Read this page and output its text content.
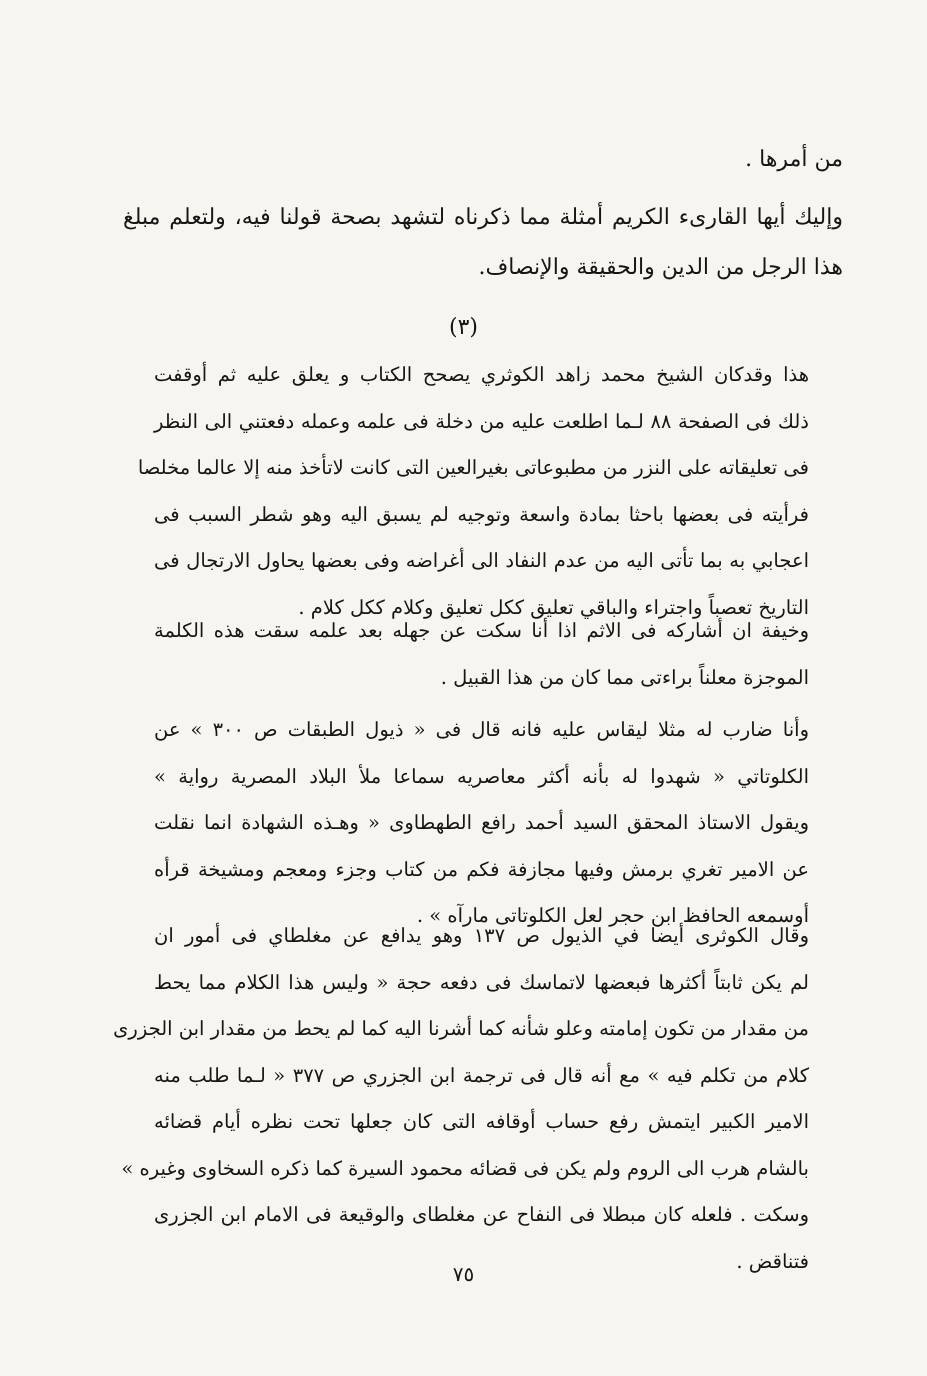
من أمرها .
وإليك أيها القارىء الكريم أمثلة مما ذكرناه لتشهد بصحة قولنا فيه، ولتعلم مبلغ
هذا الرجل من الدين والحقيقة والإنصاف.
(٣)
هذا وقدكان الشيخ محمد زاهد الكوثري يصحح الكتاب و يعلق عليه ثم أوقفت
ذلك فى الصفحة ٨٨ لـما اطلعت عليه من دخلة فى علمه وعمله دفعتني الى النظر
فى تعليقاته على النزر من مطبوعاتى بغيرالعين التى كانت لاتأخذ منه إلا عالما مخلصا
فرأيته فى بعضها باحثا بمادة واسعة وتوجيه لم يسبق اليه وهو شطر السبب فى
اعجابي به بما تأتى اليه من عدم النفاد الى أغراضه وفى بعضها يحاول الارتجال فى
التاريخ تعصباً واجتراء والباقي تعليق ككل تعليق وكلام ككل كلام .
وخيفة ان أشاركه فى الاثم اذا أنا سكت عن جهله بعد علمه سقت هذه الكلمة
الموجزة معلناً براءتى مما كان من هذا القبيل .
وأنا ضارب له مثلا ليقاس عليه فانه قال فى « ذيول الطبقات ص ٣٠٠ » عن
الكلوتاتي « شهدوا له بأنه أكثر معاصريه سماعا ملأ البلاد المصرية رواية »
ويقول الاستاذ المحقق السيد أحمد رافع الطهطاوى « وهـذه الشهادة انما نقلت
عن الامير تغري برمش وفيها مجازفة فكم من كتاب وجزء ومعجم ومشيخة قرأه
أوسمعه الحافظ ابن حجر لعل الكلوتاتى مارآه » .
وقال الكوثرى أيضا في الذيول ص ١٣٧ وهو يدافع عن مغلطاي فى أمور ان
لم يكن ثابتاً أكثرها فبعضها لاتماسك فى دفعه حجة « وليس هذا الكلام مما يحط
من مقدار من تكون إمامته وعلو شأنه كما أشرنا اليه كما لم يحط من مقدار ابن الجزرى
كلام من تكلم فيه » مع أنه قال فى ترجمة ابن الجزري ص ٣٧٧ « لـما طلب منه
الامير الكبير ايتمش رفع حساب أوقافه التى كان جعلها تحت نظره أيام قضائه
بالشام هرب الى الروم ولم يكن فى قضائه محمود السيرة كما ذكره السخاوى وغيره »
وسكت . فلعله كان مبطلا فى النفاح عن مغلطاى والوقيعة فى الامام ابن الجزرى
فتناقض .
٧٥
